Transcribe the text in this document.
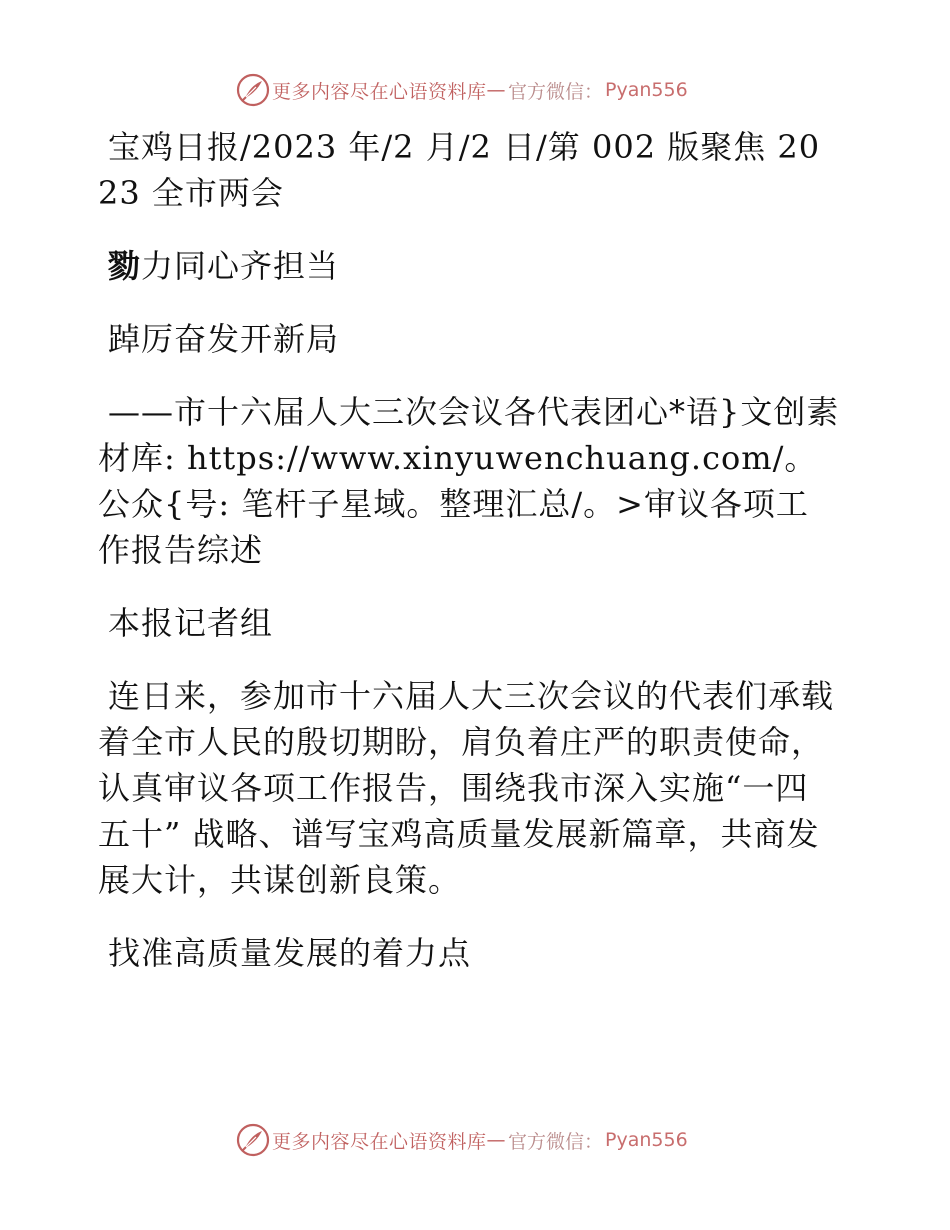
更多内容尽在心语资料库 — 官方微信： Pyan556

宝鸡日报/2023 年/2 月/2 日/第 002 版聚焦 2023 全市两会

勠力同心齐担当

踔厉奋发开新局

——市十六届人大三次会议各代表团心*语}文创素材库: https://www.xinyuwenchuang.com/。公众{号: 笔杆子星域。整理汇总/。>审议各项工作报告综述

本报记者组

连日来，参加市十六届人大三次会议的代表们承载着全市人民的殷切期盼，肩负着庄严的职责使命，认真审议各项工作报告，围绕我市深入实施“一四五十” 战略、谱写宝鸡高质量发展新篇章，共商发展大计，共谋创新良策。

找准高质量发展的着力点

更多内容尽在心语资料库 — 官方微信： Pyan556
